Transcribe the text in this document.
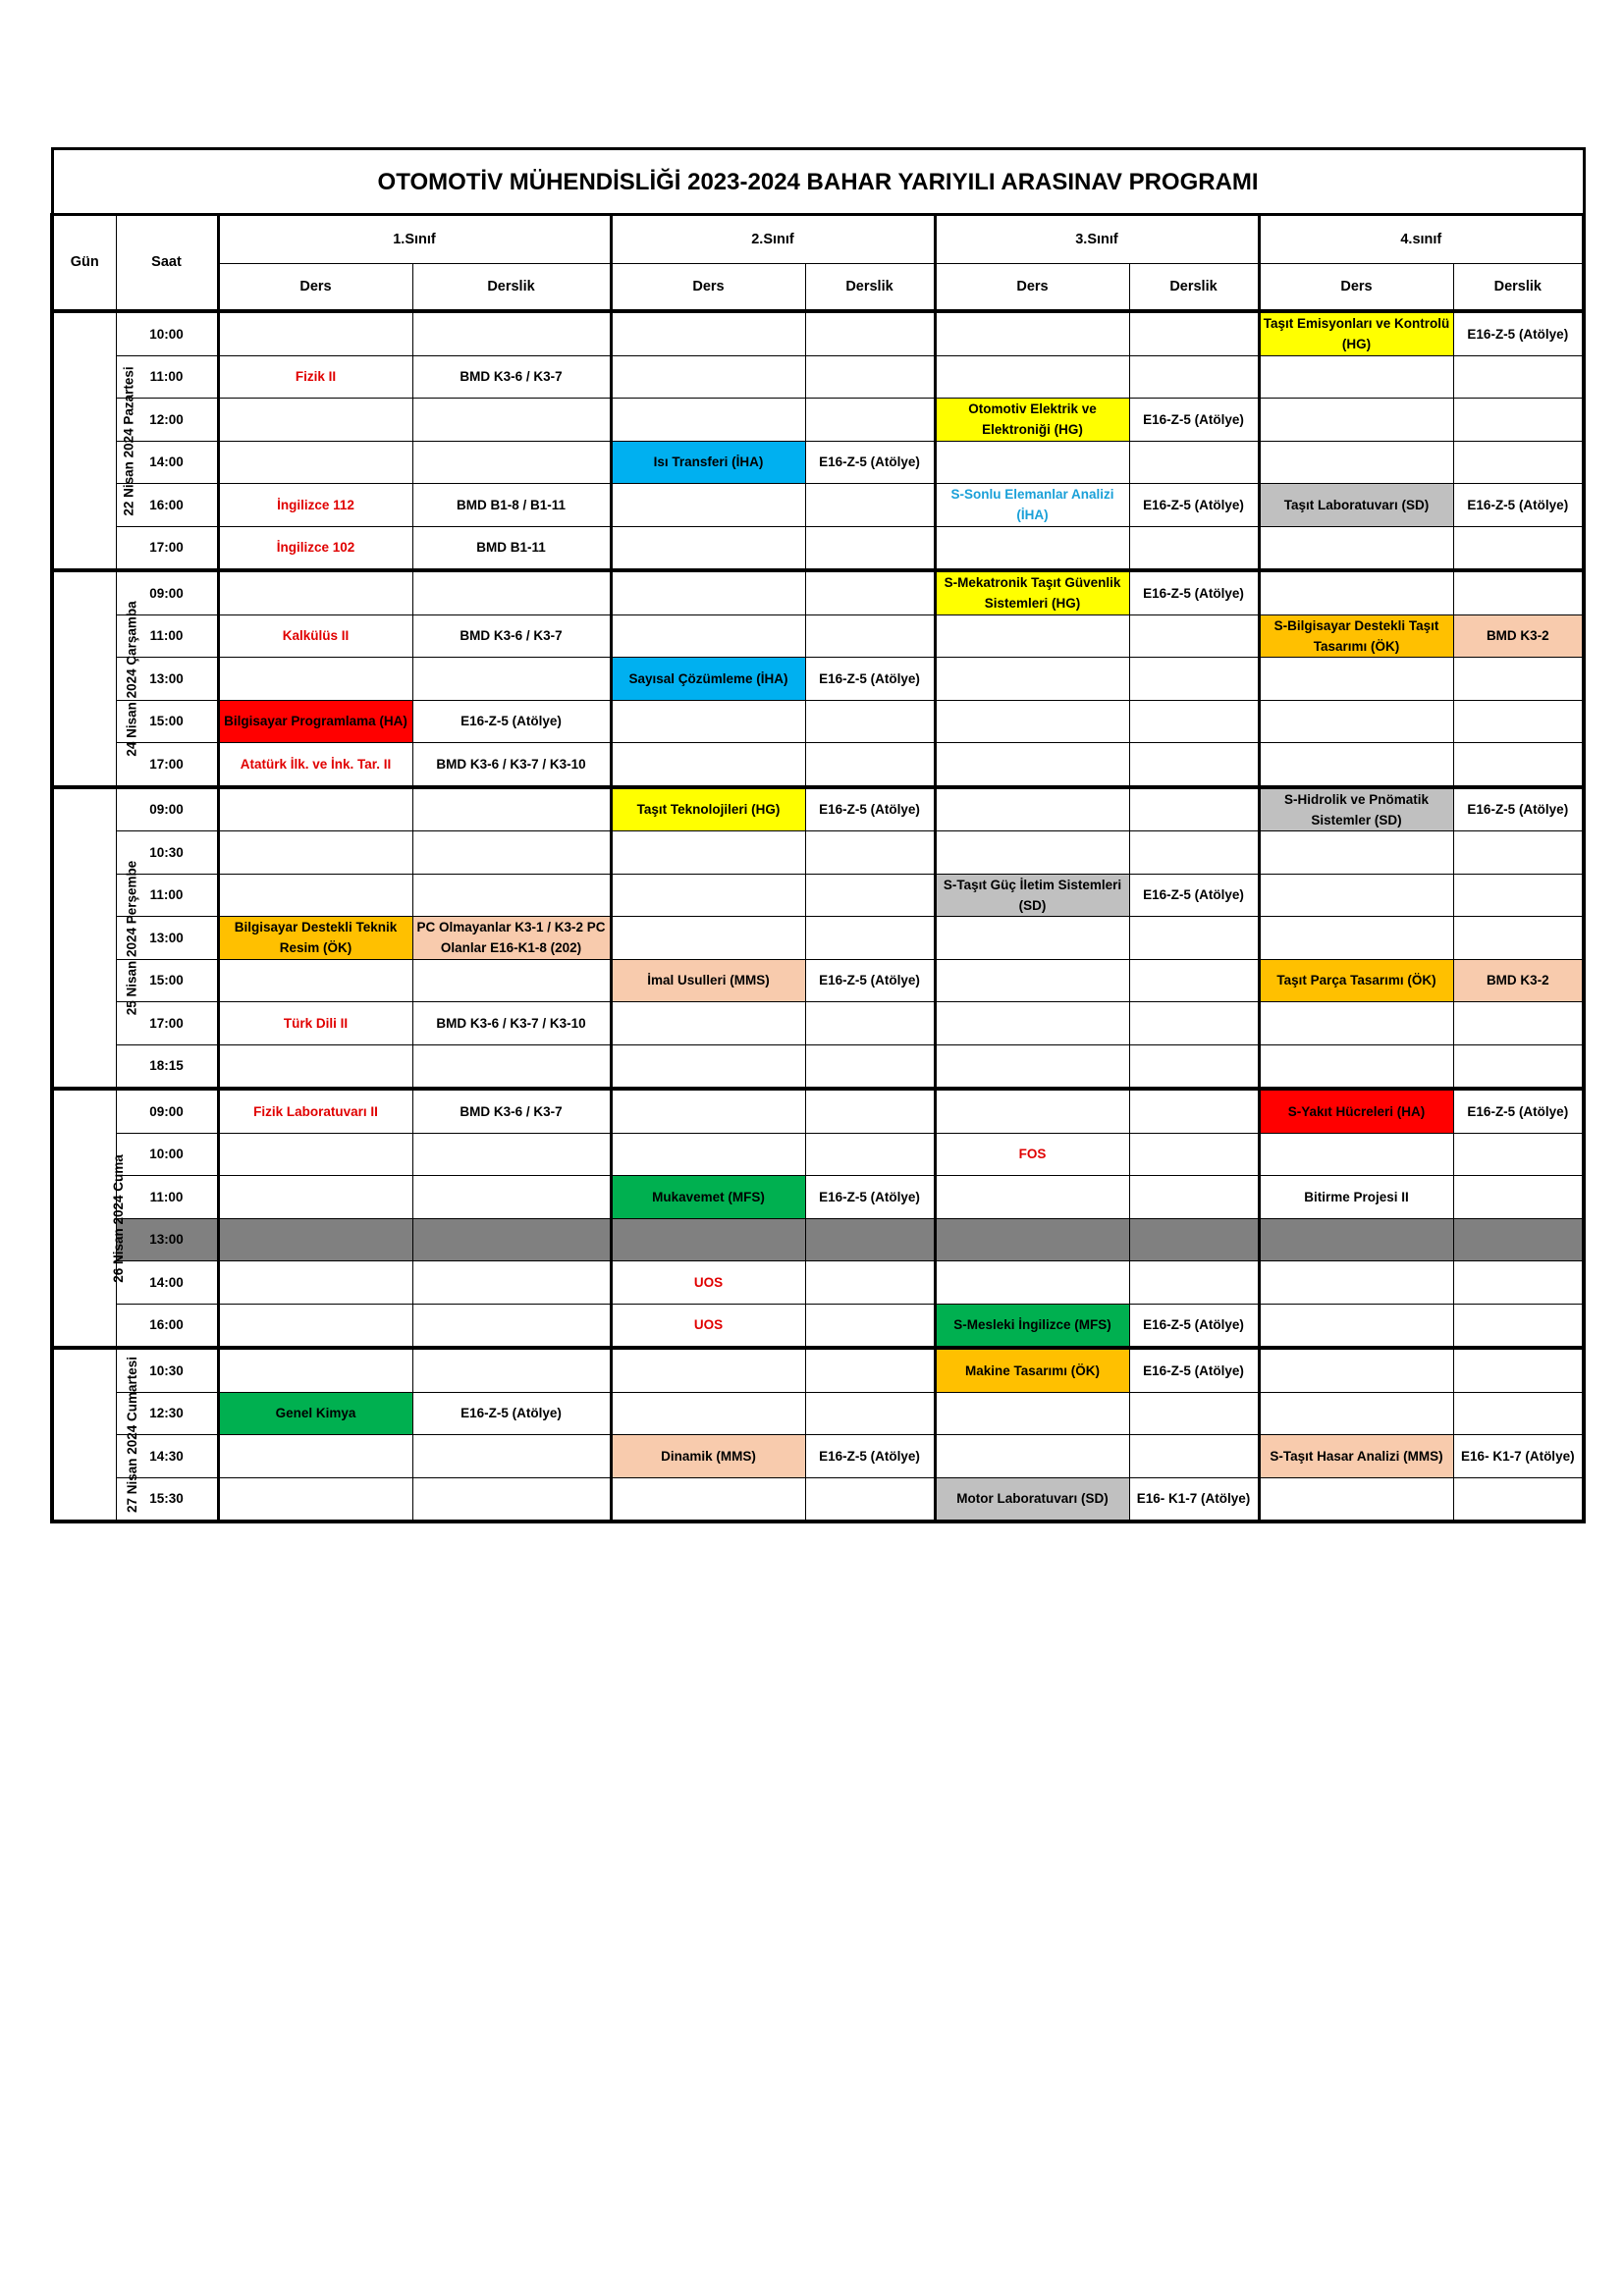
OTOMOTİV MÜHENDİSLİĞİ 2023-2024 BAHAR YARIYILI ARASINAV PROGRAMI									
Gün	Saat	1.Sınıf		2.Sınıf		3.Sınıf		4.sınıf	
		Ders	Derslik	Ders	Derslik	Ders	Derslik	Ders	Derslik
22 Nisan 2024 Pazartesi	10:00							Taşıt Emisyonları ve Kontrolü (HG)	E16-Z-5 (Atölye)
	11:00	Fizik II	BMD K3-6 / K3-7						
	12:00					Otomotiv Elektrik ve Elektroniği (HG)	E16-Z-5 (Atölye)		
	14:00			Isı Transferi (İHA)	E16-Z-5 (Atölye)				
	16:00	İngilizce 112	BMD B1-8 / B1-11			S-Sonlu Elemanlar Analizi (İHA)	E16-Z-5 (Atölye)	Taşıt Laboratuvarı (SD)	E16-Z-5 (Atölye)
	17:00	İngilizce 102	BMD B1-11						
24 Nisan 2024 Çarşamba	09:00					S-Mekatronik Taşıt Güvenlik Sistemleri (HG)	E16-Z-5 (Atölye)		
	11:00	Kalkülüs II	BMD K3-6 / K3-7					S-Bilgisayar Destekli Taşıt Tasarımı (ÖK)	BMD K3-2
	13:00			Sayısal Çözümleme (İHA)	E16-Z-5 (Atölye)				
	15:00	Bilgisayar Programlama (HA)	E16-Z-5 (Atölye)						
	17:00	Atatürk İlk. ve İnk. Tar. II	BMD K3-6 / K3-7 / K3-10						
25 Nisan 2024 Perşembe	09:00			Taşıt Teknolojileri (HG)	E16-Z-5 (Atölye)			S-Hidrolik ve Pnömatik Sistemler (SD)	E16-Z-5 (Atölye)
	10:30								
	11:00					S-Taşıt Güç İletim Sistemleri (SD)	E16-Z-5 (Atölye)		
	13:00	Bilgisayar Destekli Teknik Resim (ÖK)	PC Olmayanlar K3-1 / K3-2 PC Olanlar E16-K1-8 (202)						
	15:00			İmal Usulleri (MMS)	E16-Z-5 (Atölye)			Taşıt Parça Tasarımı (ÖK)	BMD K3-2
	17:00	Türk Dili II	BMD K3-6 / K3-7 / K3-10						
	18:15								
26 Nisan 2024 Cuma	09:00	Fizik Laboratuvarı II	BMD K3-6 / K3-7					S-Yakıt Hücreleri (HA)	E16-Z-5 (Atölye)
	10:00					FOS			
	11:00			Mukavemet (MFS)	E16-Z-5 (Atölye)			Bitirme Projesi II	
	13:00								
	14:00			UOS					
	16:00			UOS		S-Mesleki İngilizce (MFS)	E16-Z-5 (Atölye)		
27 Nisan 2024 Cumartesi	10:30					Makine Tasarımı (ÖK)	E16-Z-5 (Atölye)		
	12:30	Genel Kimya	E16-Z-5 (Atölye)						
	14:30			Dinamik (MMS)	E16-Z-5 (Atölye)			S-Taşıt Hasar Analizi (MMS)	E16- K1-7 (Atölye)
	15:30					Motor Laboratuvarı (SD)	E16- K1-7 (Atölye)		
